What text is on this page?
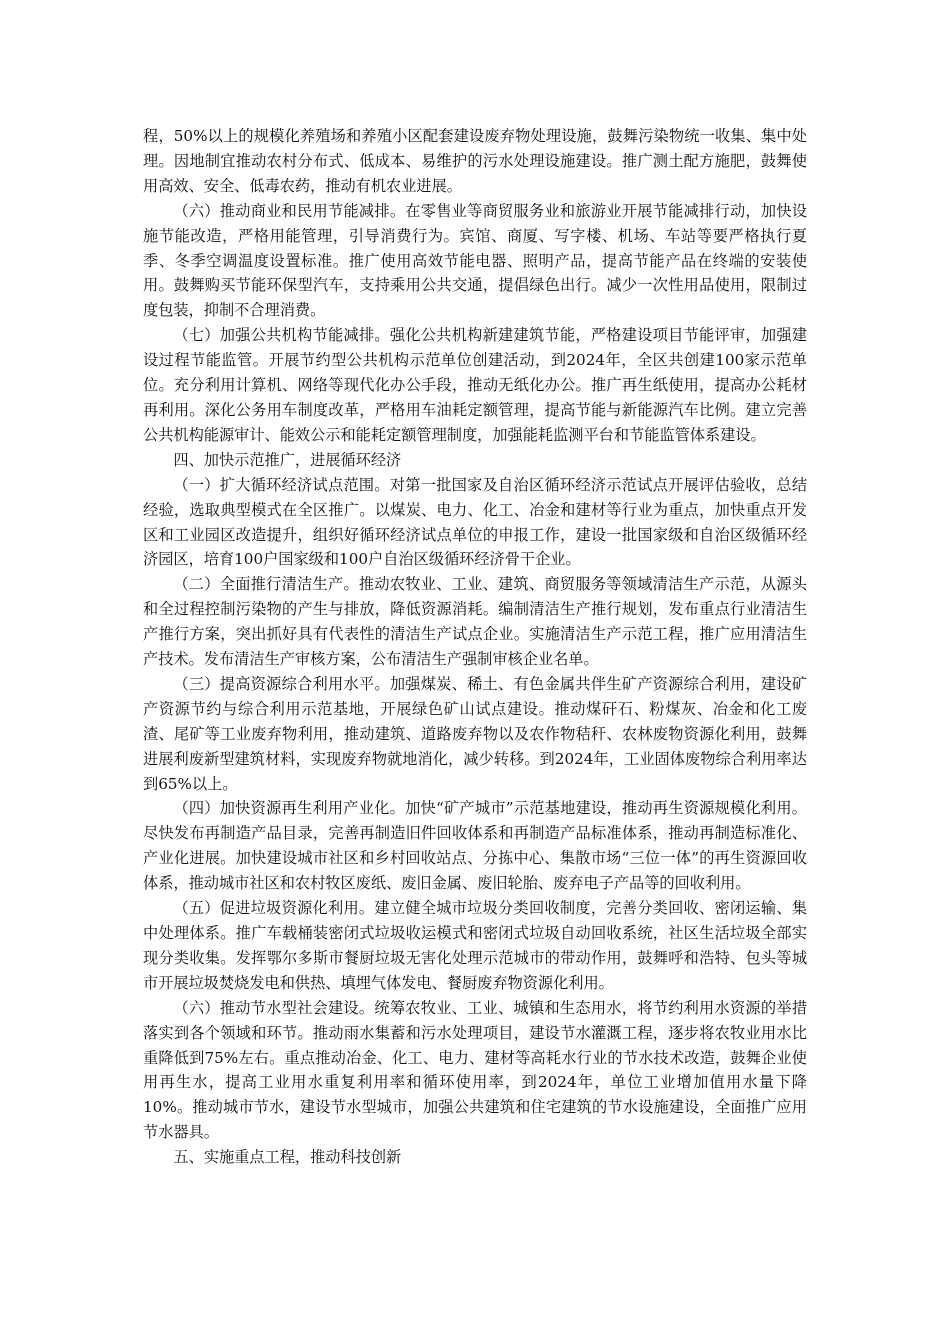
程，50%以上的规模化养殖场和养殖小区配套建设废弃物处理设施，鼓舞污染物统一收集、集中处理。因地制宜推动农村分布式、低成本、易维护的污水处理设施建设。推广测土配方施肥，鼓舞使用高效、安全、低毒农药，推动有机农业进展。

（六）推动商业和民用节能减排。在零售业等商贸服务业和旅游业开展节能减排行动，加快设施节能改造，严格用能管理，引导消费行为。宾馆、商厦、写字楼、机场、车站等要严格执行夏季、冬季空调温度设置标准。推广使用高效节能电器、照明产品，提高节能产品在终端的安装使用。鼓舞购买节能环保型汽车，支持乘用公共交通，提倡绿色出行。减少一次性用品使用，限制过度包装，抑制不合理消费。

（七）加强公共机构节能减排。强化公共机构新建建筑节能，严格建设项目节能评审，加强建设过程节能监管。开展节约型公共机构示范单位创建活动，到2024年，全区共创建100家示范单位。充分利用计算机、网络等现代化办公手段，推动无纸化办公。推广再生纸使用，提高办公耗材再利用。深化公务用车制度改革，严格用车油耗定额管理，提高节能与新能源汽车比例。建立完善公共机构能源审计、能效公示和能耗定额管理制度，加强能耗监测平台和节能监管体系建设。

四、加快示范推广，进展循环经济

（一）扩大循环经济试点范围。对第一批国家及自治区循环经济示范试点开展评估验收，总结经验，选取典型模式在全区推广。以煤炭、电力、化工、冶金和建材等行业为重点，加快重点开发区和工业园区改造提升，组织好循环经济试点单位的申报工作，建设一批国家级和自治区级循环经济园区，培育100户国家级和100户自治区级循环经济骨干企业。

（二）全面推行清洁生产。推动农牧业、工业、建筑、商贸服务等领域清洁生产示范，从源头和全过程控制污染物的产生与排放，降低资源消耗。编制清洁生产推行规划，发布重点行业清洁生产推行方案，突出抓好具有代表性的清洁生产试点企业。实施清洁生产示范工程，推广应用清洁生产技术。发布清洁生产审核方案，公布清洁生产强制审核企业名单。

（三）提高资源综合利用水平。加强煤炭、稀土、有色金属共伴生矿产资源综合利用，建设矿产资源节约与综合利用示范基地，开展绿色矿山试点建设。推动煤矸石、粉煤灰、冶金和化工废渣、尾矿等工业废弃物利用，推动建筑、道路废弃物以及农作物秸秆、农林废物资源化利用，鼓舞进展利废新型建筑材料，实现废弃物就地消化，减少转移。到2024年，工业固体废物综合利用率达到65%以上。

（四）加快资源再生利用产业化。加快“矿产城市”示范基地建设，推动再生资源规模化利用。尽快发布再制造产品目录，完善再制造旧件回收体系和再制造产品标准体系，推动再制造标准化、产业化进展。加快建设城市社区和乡村回收站点、分拣中心、集散市场“三位一体”的再生资源回收体系，推动城市社区和农村牧区废纸、废旧金属、废旧轮胎、废弃电子产品等的回收利用。

（五）促进垃圾资源化利用。建立健全城市垃圾分类回收制度，完善分类回收、密闭运输、集中处理体系。推广车载桶装密闭式垃圾收运模式和密闭式垃圾自动回收系统，社区生活垃圾全部实现分类收集。发挥鄂尔多斯市餐厨垃圾无害化处理示范城市的带动作用，鼓舞呼和浩特、包头等城市开展垃圾焚烧发电和供热、填埋气体发电、餐厨废弃物资源化利用。

（六）推动节水型社会建设。统筹农牧业、工业、城镇和生态用水，将节约利用水资源的举措落实到各个领域和环节。推动雨水集蓄和污水处理项目，建设节水灌溉工程，逐步将农牧业用水比重降低到75%左右。重点推动冶金、化工、电力、建材等高耗水行业的节水技术改造，鼓舞企业使用再生水，提高工业用水重复利用率和循环使用率，到2024年，单位工业增加值用水量下降10%。推动城市节水，建设节水型城市，加强公共建筑和住宅建筑的节水设施建设，全面推广应用节水器具。

五、实施重点工程，推动科技创新
